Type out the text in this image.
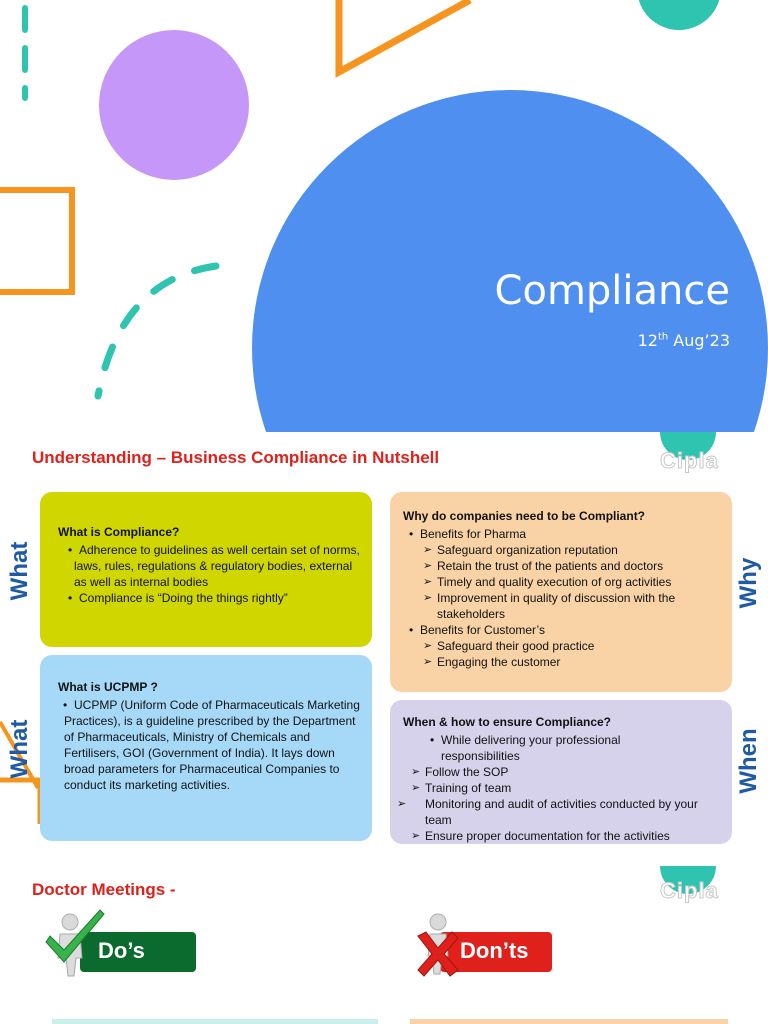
Compliance
12th Aug’23
Understanding – Business Compliance in Nutshell	Cipla
What
What
Why
When
What is Compliance?
• Adherence to guidelines as well certain set of norms, laws, rules, regulations & regulatory bodies, external as well as internal bodies
• Compliance is “Doing the things rightly”
What is UCPMP ?
• UCPMP (Uniform Code of Pharmaceuticals Marketing Practices), is a guideline prescribed by the Department of Pharmaceuticals, Ministry of Chemicals and Fertilisers, GOI (Government of India). It lays down broad parameters for Pharmaceutical Companies to conduct its marketing activities.
Why do companies need to be Compliant?
• Benefits for Pharma
➢ Safeguard organization reputation
➢ Retain the trust of the patients and doctors
➢ Timely and quality execution of org activities
➢ Improvement in quality of discussion with the stakeholders
• Benefits for Customer’s
➢ Safeguard their good practice
➢ Engaging the customer
When & how to ensure Compliance?
• While delivering your professional responsibilities
➢ Follow the SOP
➢ Training of team
➢ Monitoring and audit of activities conducted by your team
➢ Ensure proper documentation for the activities
Doctor Meetings -	Cipla
Do’s	Don’ts
